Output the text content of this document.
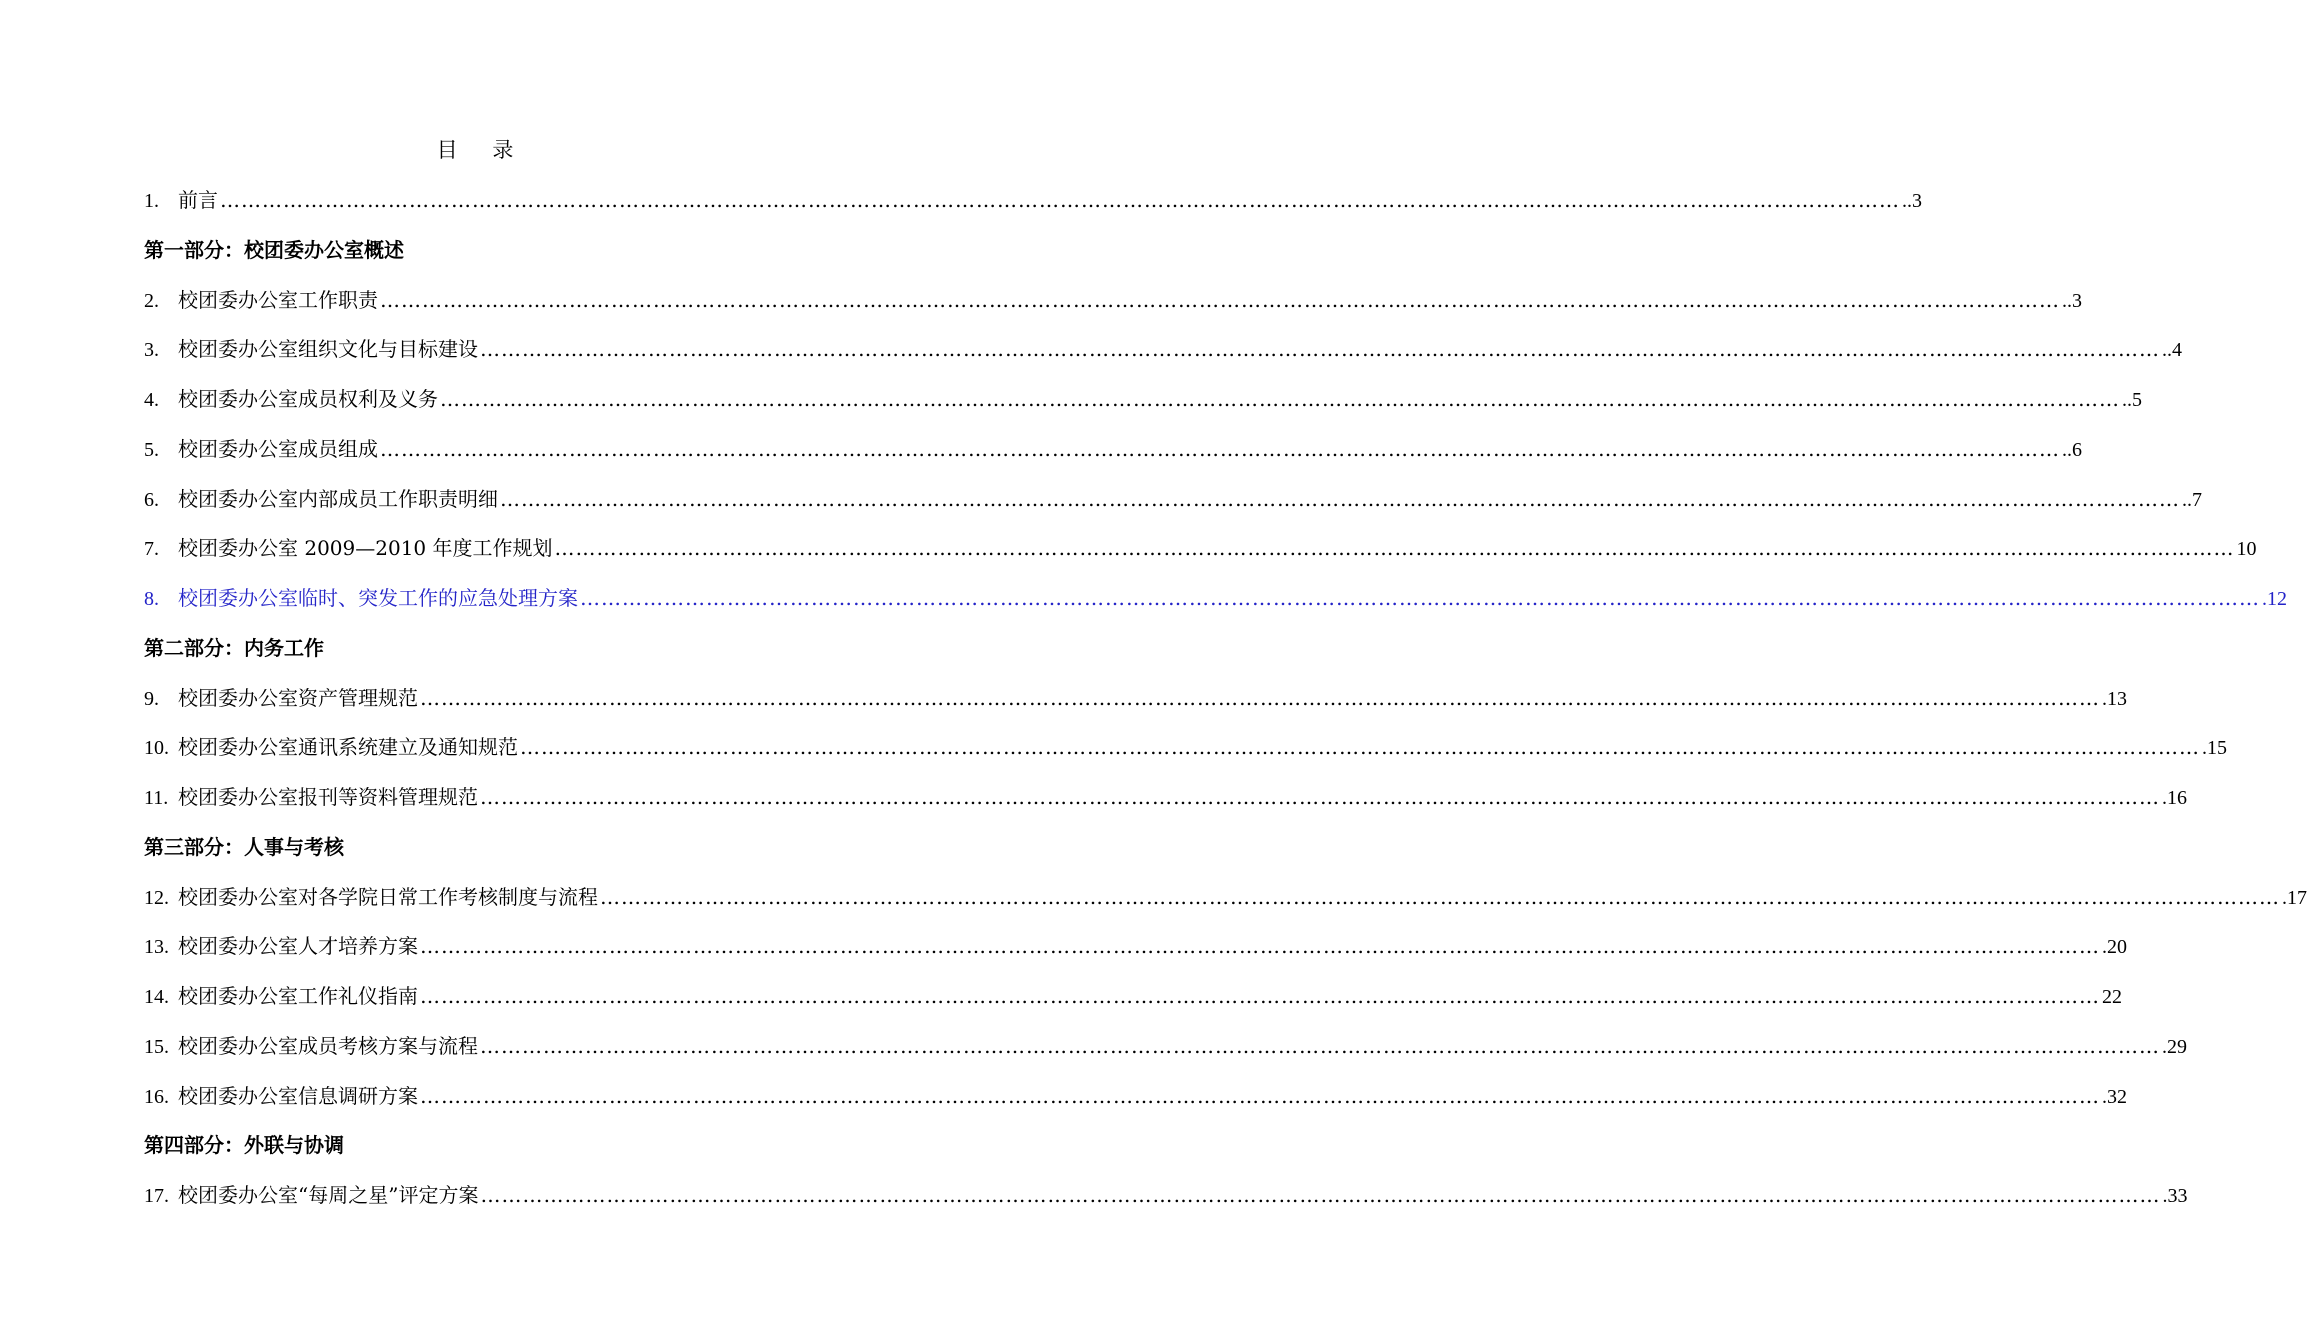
目 录
1. 前言 …………………………………………………………………………………………………………………………………………………………………………………………………………………… ..3
第一部分：校团委办公室概述
2. 校团委办公室工作职责 …………………………………………………………………………………………………………………………………………………………………………………………………………………… ..3
3. 校团委办公室组织文化与目标建设 …………………………………………………………………………………………………………………………………………………………………………………………………………………… ..4
4. 校团委办公室成员权利及义务 …………………………………………………………………………………………………………………………………………………………………………………………………………………… ..5
5. 校团委办公室成员组成 …………………………………………………………………………………………………………………………………………………………………………………………………………………… ..6
6. 校团委办公室内部成员工作职责明细 …………………………………………………………………………………………………………………………………………………………………………………………………………………… ..7
7. 校团委办公室 2009—2010 年度工作规划 …………………………………………………………………………………………………………………………………………………………………………………………………………………… 10
8. 校团委办公室临时、突发工作的应急处理方案 …………………………………………………………………………………………………………………………………………………………………………………………………………………… .12
第二部分：内务工作
9. 校团委办公室资产管理规范 …………………………………………………………………………………………………………………………………………………………………………………………………………………… .13
10. 校团委办公室通讯系统建立及通知规范 …………………………………………………………………………………………………………………………………………………………………………………………………………………… .15
11. 校团委办公室报刊等资料管理规范 …………………………………………………………………………………………………………………………………………………………………………………………………………………… .16
第三部分：人事与考核
12. 校团委办公室对各学院日常工作考核制度与流程 …………………………………………………………………………………………………………………………………………………………………………………………………………………… .17
13. 校团委办公室人才培养方案 …………………………………………………………………………………………………………………………………………………………………………………………………………………… .20
14. 校团委办公室工作礼仪指南 …………………………………………………………………………………………………………………………………………………………………………………………………………………… 22
15. 校团委办公室成员考核方案与流程 …………………………………………………………………………………………………………………………………………………………………………………………………………………… .29
16. 校团委办公室信息调研方案 …………………………………………………………………………………………………………………………………………………………………………………………………………………… .32
第四部分：外联与协调
17. 校团委办公室“每周之星”评定方案 …………………………………………………………………………………………………………………………………………………………………………………………………………………… .33
